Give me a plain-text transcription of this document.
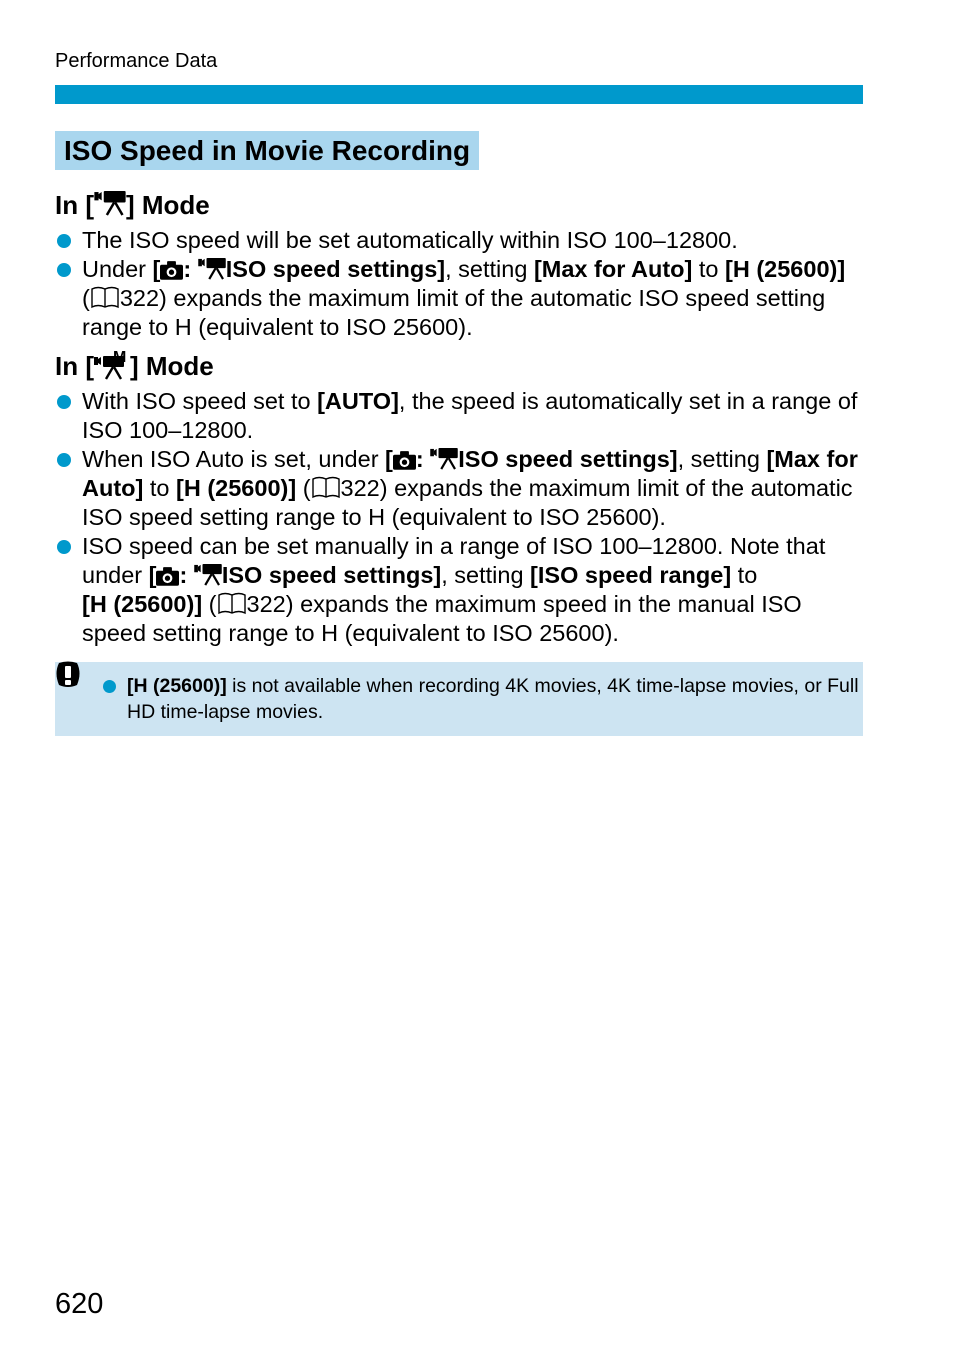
Performance Data
ISO Speed in Movie Recording
In [ ] Mode
The ISO speed will be set automatically within ISO 100–12800.
Under [ : ISO speed settings], setting [Max for Auto] to [H (25600)]
( 322) expands the maximum limit of the automatic ISO speed setting range to H (equivalent to ISO 25600).
In [ M ] Mode
With ISO speed set to [AUTO], the speed is automatically set in a range of ISO 100–12800.
When ISO Auto is set, under [ : ISO speed settings], setting [Max for Auto] to [H (25600)] ( 322) expands the maximum limit of the automatic ISO speed setting range to H (equivalent to ISO 25600).
ISO speed can be set manually in a range of ISO 100–12800. Note that under [ : ISO speed settings], setting [ISO speed range] to
[H (25600)] ( 322) expands the maximum speed in the manual ISO speed setting range to H (equivalent to ISO 25600).
[H (25600)] is not available when recording 4K movies, 4K time-lapse movies, or Full HD time-lapse movies.
620
